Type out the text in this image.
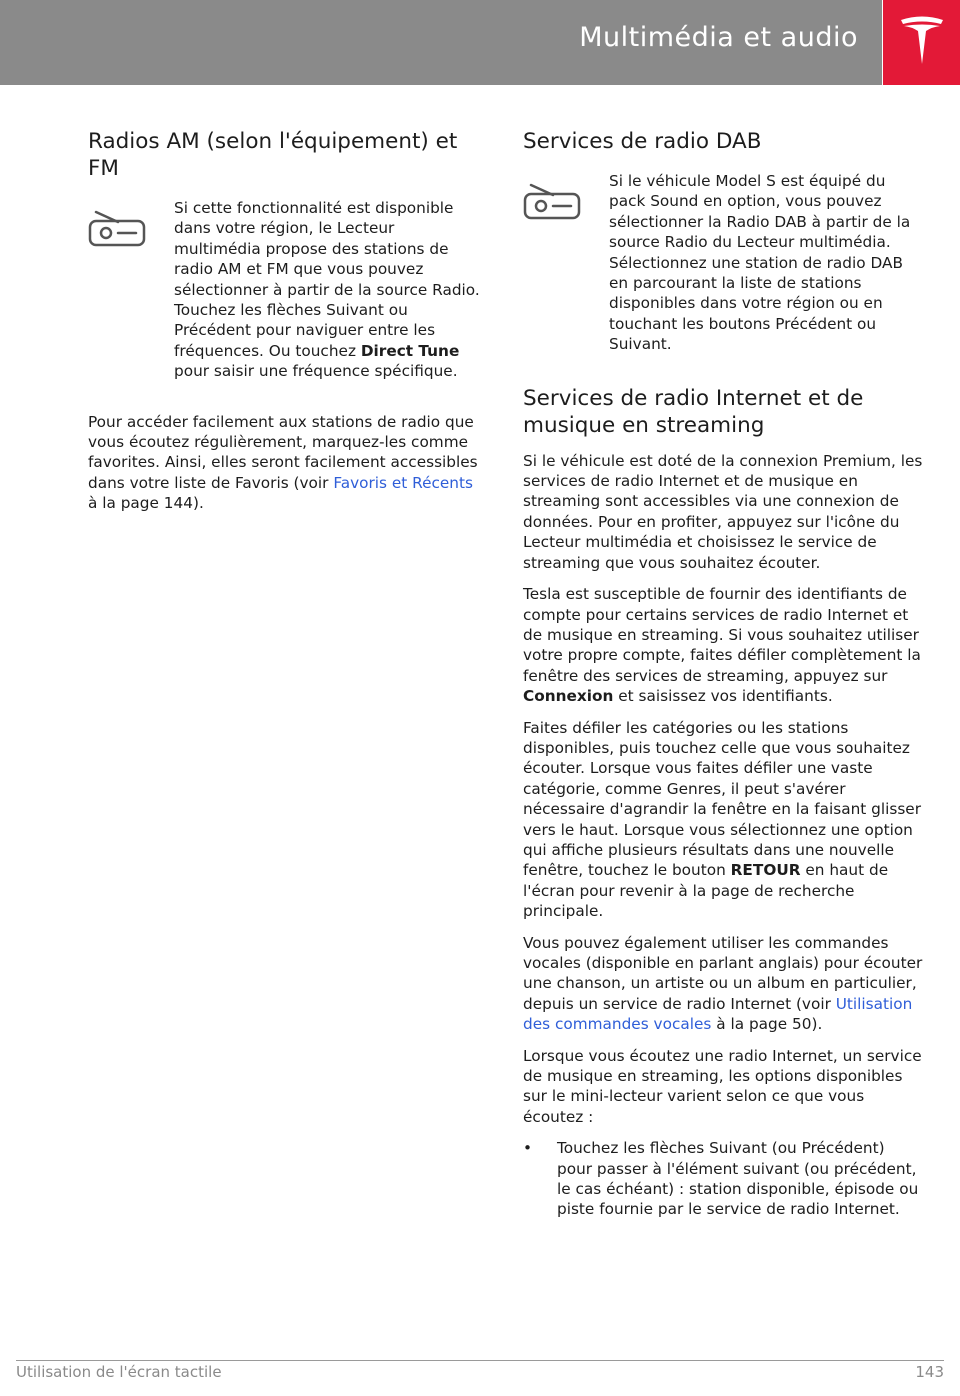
Multimédia et audio
Radios AM (selon l'équipement) et FM
Si cette fonctionnalité est disponible dans votre région, le Lecteur multimédia propose des stations de radio AM et FM que vous pouvez sélectionner à partir de la source Radio. Touchez les flèches Suivant ou Précédent pour naviguer entre les fréquences. Ou touchez Direct Tune pour saisir une fréquence spécifique.

Pour accéder facilement aux stations de radio que vous écoutez régulièrement, marquez-les comme favorites. Ainsi, elles seront facilement accessibles dans votre liste de Favoris (voir Favoris et Récents à la page 144).

Services de radio DAB
Si le véhicule Model S est équipé du pack Sound en option, vous pouvez sélectionner la Radio DAB à partir de la source Radio du Lecteur multimédia. Sélectionnez une station de radio DAB en parcourant la liste de stations disponibles dans votre région ou en touchant les boutons Précédent ou Suivant.
Services de radio Internet et de musique en streaming

Si le véhicule est doté de la connexion Premium, les services de radio Internet et de musique en streaming sont accessibles via une connexion de données. Pour en profiter, appuyez sur l'icône du Lecteur multimédia et choisissez le service de streaming que vous souhaitez écouter.

Tesla est susceptible de fournir des identifiants de compte pour certains services de radio Internet et de musique en streaming. Si vous souhaitez utiliser votre propre compte, faites défiler complètement la fenêtre des services de streaming, appuyez sur Connexion et saisissez vos identifiants.

Faites défiler les catégories ou les stations disponibles, puis touchez celle que vous souhaitez écouter. Lorsque vous faites défiler une vaste catégorie, comme Genres, il peut s'avérer nécessaire d'agrandir la fenêtre en la faisant glisser vers le haut. Lorsque vous sélectionnez une option qui affiche plusieurs résultats dans une nouvelle fenêtre, touchez le bouton RETOUR en haut de l'écran pour revenir à la page de recherche principale.

Vous pouvez également utiliser les commandes vocales (disponible en parlant anglais) pour écouter une chanson, un artiste ou un album en particulier, depuis un service de radio Internet (voir Utilisation des commandes vocales à la page 50).

Lorsque vous écoutez une radio Internet, un service de musique en streaming, les options disponibles sur le mini-lecteur varient selon ce que vous écoutez :

• Touchez les flèches Suivant (ou Précédent) pour passer à l'élément suivant (ou précédent, le cas échéant) : station disponible, épisode ou piste fournie par le service de radio Internet.
Utilisation de l'écran tactile	143
